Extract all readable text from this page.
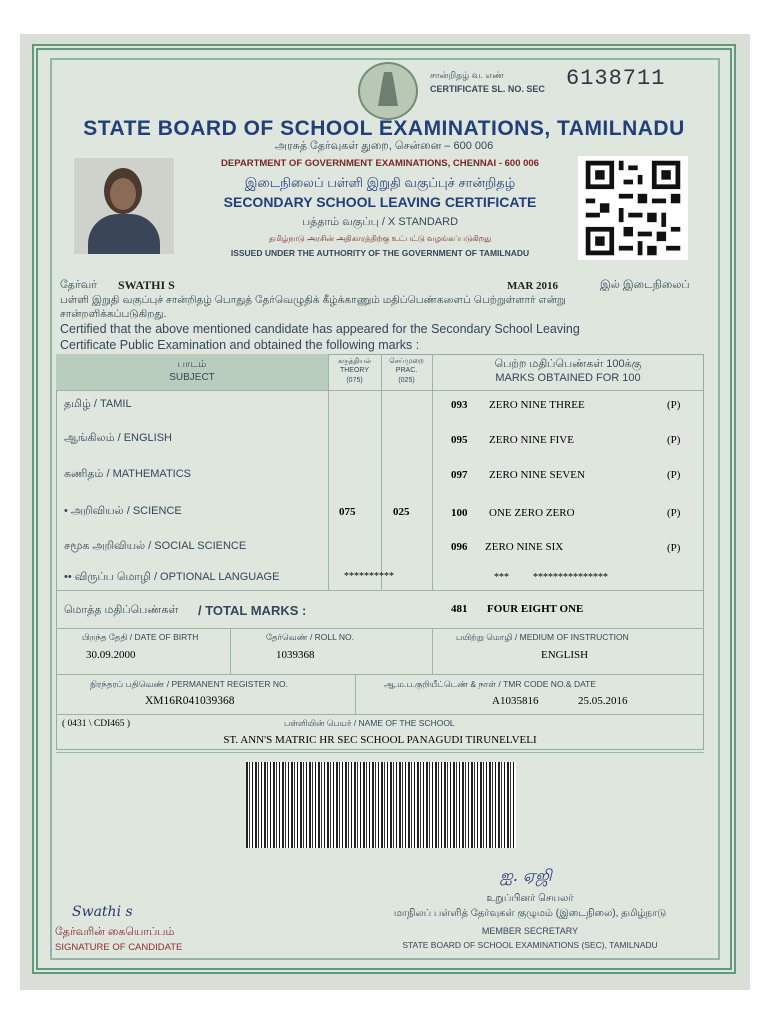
சான்றிதழ் வ. எண்
CERTIFICATE SL. NO. SEC 6138711
STATE BOARD OF SCHOOL EXAMINATIONS, TAMILNADU
அரசுத் தேர்வுகள் துறை, சென்னை – 600 006
DEPARTMENT OF GOVERNMENT EXAMINATIONS, CHENNAI - 600 006
இடைநிலைப் பள்ளி இறுதி வகுப்புச் சான்றிதழ்
SECONDARY SCHOOL LEAVING CERTIFICATE
பத்தாம் வகுப்பு / X STANDARD
தமிழ்நாடு அரசின் அதிகாரத்திற்கு உட்பட்டு வழங்கப்படுகிறது
ISSUED UNDER THE AUTHORITY OF THE GOVERNMENT OF TAMILNADU
தேர்வர் SWATHI S	MAR 2016	இல் இடைநிலைப்
பள்ளி இறுதி வகுப்புச் சான்றிதழ் பொதுத் தேர்வெழுதிக் கீழ்க்காணும் மதிப்பெண்களைப் பெற்றுள்ளார் என்று
சான்றளிக்கப்படுகிறது.
Certified that the above mentioned candidate has appeared for the Secondary School Leaving
Certificate Public Examination and obtained the following marks :
பாடம்
SUBJECT
கருத்தியல்
THEORY
(075)
செய்முறை
PRAC.
(025)
பெற்ற மதிப்பெண்கள் 100க்கு
MARKS OBTAINED FOR 100
தமிழ் / TAMIL	093 ZERO NINE THREE	(P)
ஆங்கிலம் / ENGLISH	095 ZERO NINE FIVE	(P)
கணிதம் / MATHEMATICS	097 ZERO NINE SEVEN	(P)
• அறிவியல் / SCIENCE	075	025	100 ONE ZERO ZERO	(P)
சமூக அறிவியல் / SOCIAL SCIENCE	096 ZERO NINE SIX	(P)
•• விருப்ப மொழி / OPTIONAL LANGUAGE	**********	*** ***************
மொத்த மதிப்பெண்கள் / TOTAL MARKS :	481 FOUR EIGHT ONE
பிறந்த தேதி / DATE OF BIRTH
30.09.2000
தேர்வெண் / ROLL NO.
1039368
பயிற்று மொழி / MEDIUM OF INSTRUCTION
ENGLISH
நிரந்தரப் பதிவெண் / PERMANENT REGISTER NO.
XM16R041039368
ஆ.ம.ப.குறியீட்டெண் & நாள் / TMR CODE NO.& DATE
A1035816	25.05.2016
( 0431 \ CDI465 )	பள்ளியின் பெயர் / NAME OF THE SCHOOL
ST. ANN'S MATRIC HR SEC SCHOOL PANAGUDI TIRUNELVELI
ஐ. ஏஜி
Swathi s
தேர்வரின் கையொப்பம்
SIGNATURE OF CANDIDATE
உறுப்பினர் செயலர்
மாநிலப் பள்ளித் தேர்வுகள் குழுமம் (இடைநிலை), தமிழ்நாடு
MEMBER SECRETARY
STATE BOARD OF SCHOOL EXAMINATIONS (SEC), TAMILNADU
